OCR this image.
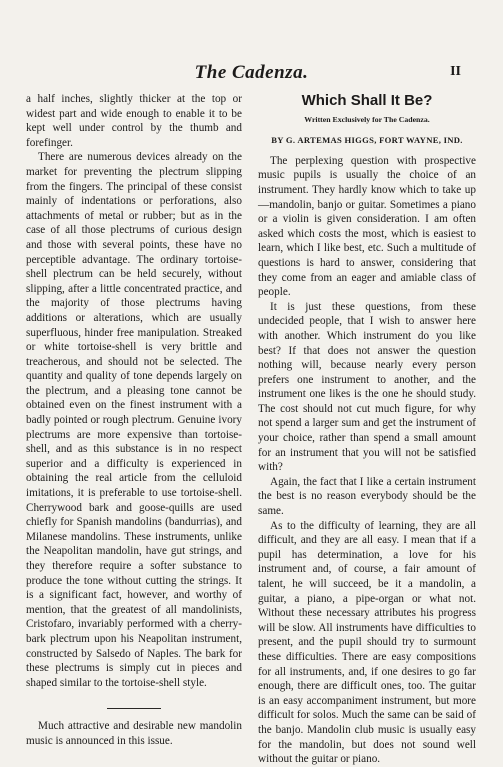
The Cadenza.	II

a half inches, slightly thicker at the top or widest part and wide enough to enable it to be kept well under control by the thumb and forefinger.

There are numerous devices already on the market for preventing the plectrum slipping from the fingers. The principal of these consist mainly of indentations or perforations, also attachments of metal or rubber; but as in the case of all those plectrums of curious design and those with several points, these have no perceptible advantage. The ordinary tortoise-shell plectrum can be held securely, without slipping, after a little concentrated practice, and the majority of those plectrums having additions or alterations, which are usually superfluous, hinder free manipulation. Streaked or white tortoise-shell is very brittle and treacherous, and should not be selected. The quantity and quality of tone depends largely on the plectrum, and a pleasing tone cannot be obtained even on the finest instrument with a badly pointed or rough plectrum. Genuine ivory plectrums are more expensive than tortoise-shell, and as this substance is in no respect superior and a difficulty is experienced in obtaining the real article from the celluloid imitations, it is preferable to use tortoise-shell. Cherrywood bark and goose-quills are used chiefly for Spanish mandolins (bandurrias), and Milanese mandolins. These instruments, unlike the Neapolitan mandolin, have gut strings, and they therefore require a softer substance to produce the tone without cutting the strings. It is a significant fact, however, and worthy of mention, that the greatest of all mandolinists, Cristofaro, invariably performed with a cherry-bark plectrum upon his Neapolitan instrument, constructed by Salsedo of Naples. The bark for these plectrums is simply cut in pieces and shaped similar to the tortoise-shell style.

Much attractive and desirable new mandolin music is announced in this issue.

Which Shall It Be?
Written Exclusively for The Cadenza.
BY G. ARTEMAS HIGGS, FORT WAYNE, IND.

The perplexing question with prospective music pupils is usually the choice of an instrument. They hardly know which to take up—mandolin, banjo or guitar. Sometimes a piano or a violin is given consideration. I am often asked which costs the most, which is easiest to learn, which I like best, etc. Such a multitude of questions is hard to answer, considering that they come from an eager and amiable class of people.

It is just these questions, from these undecided people, that I wish to answer here with another. Which instrument do you like best? If that does not answer the question nothing will, because nearly every person prefers one instrument to another, and the instrument one likes is the one he should study. The cost should not cut much figure, for why not spend a larger sum and get the instrument of your choice, rather than spend a small amount for an instrument that you will not be satisfied with?

Again, the fact that I like a certain instrument the best is no reason everybody should be the same.

As to the difficulty of learning, they are all difficult, and they are all easy. I mean that if a pupil has determination, a love for his instrument and, of course, a fair amount of talent, he will succeed, be it a mandolin, a guitar, a piano, a pipe-organ or what not. Without these necessary attributes his progress will be slow. All instruments have difficulties to present, and the pupil should try to surmount these difficulties. There are easy compositions for all instruments, and, if one desires to go far enough, there are difficult ones, too. The guitar is an easy accompaniment instrument, but more difficult for solos. Much the same can be said of the banjo. Mandolin club music is usually easy for the mandolin, but does not sound well without the guitar or piano.
